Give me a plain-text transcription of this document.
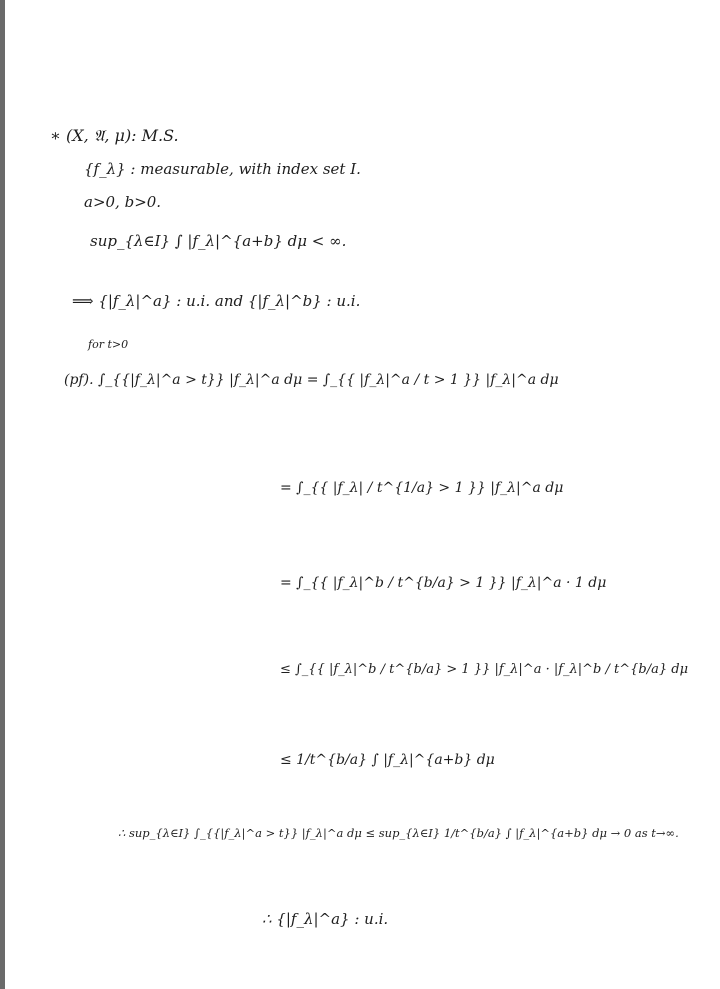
∗ (X, 𝔄, μ): M.S.
{f_λ} : measurable, with index set I.
a>0, b>0.
sup_{λ∈I} ∫ |f_λ|^{a+b} dμ < ∞.
⟹ {|f_λ|^a} : u.i. and {|f_λ|^b} : u.i.
for t>0
(pf). ∫_{{|f_λ|^a > t}} |f_λ|^a dμ = ∫_{{ |f_λ|^a / t > 1 }} |f_λ|^a dμ
= ∫_{{ |f_λ| / t^{1/a} > 1 }} |f_λ|^a dμ
= ∫_{{ |f_λ|^b / t^{b/a} > 1 }} |f_λ|^a · 1 dμ
≤ ∫_{{ |f_λ|^b / t^{b/a} > 1 }} |f_λ|^a · |f_λ|^b / t^{b/a} dμ
≤ 1/t^{b/a} ∫ |f_λ|^{a+b} dμ
∴ sup_{λ∈I} ∫_{{|f_λ|^a > t}} |f_λ|^a dμ ≤ sup_{λ∈I} 1/t^{b/a} ∫ |f_λ|^{a+b} dμ → 0 as t→∞.
∴ {|f_λ|^a} : u.i.
